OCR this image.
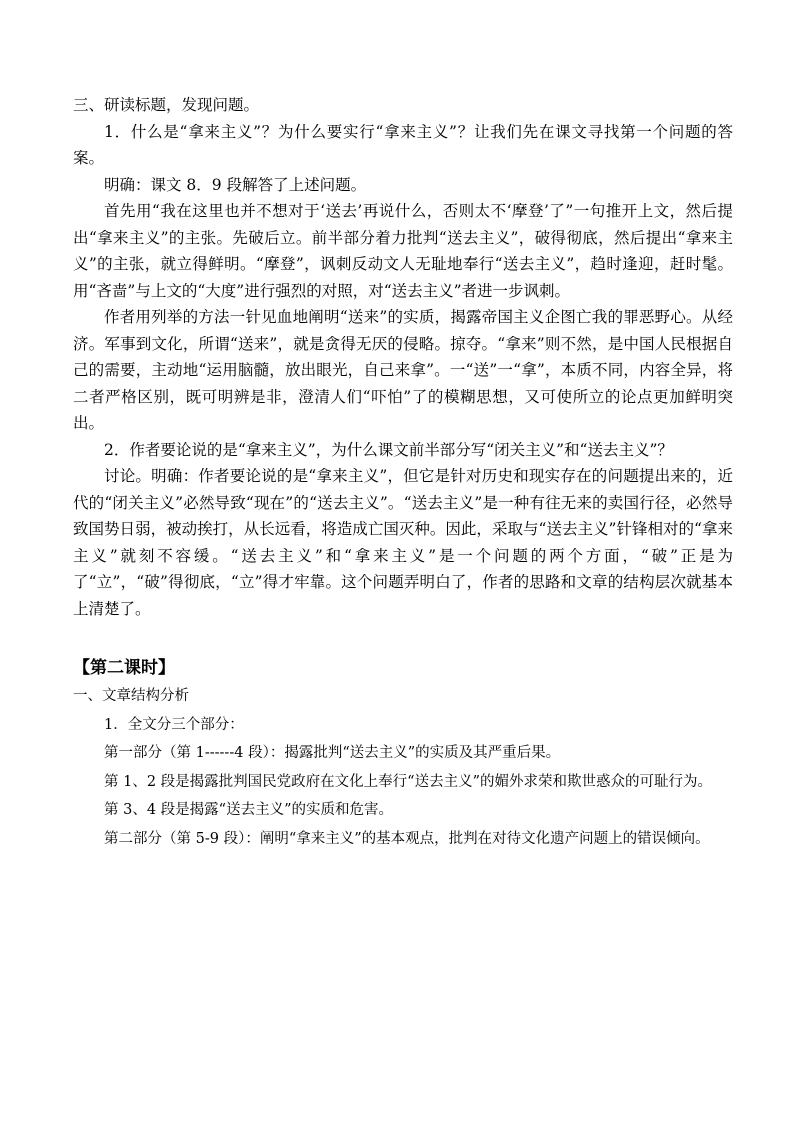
三、研读标题，发现问题。

1．什么是“拿来主义”？为什么要实行“拿来主义”？让我们先在课文寻找第一个问题的答案。

明确：课文 8．9 段解答了上述问题。

首先用“我在这里也并不想对于‘送去’再说什么，否则太不‘摩登’了”一句推开上文，然后提出“拿来主义”的主张。先破后立。前半部分着力批判“送去主义”，破得彻底，然后提出“拿来主义”的主张，就立得鲜明。“摩登”，讽刺反动文人无耻地奉行“送去主义”，趋时逢迎，赶时髦。用“吝啬”与上文的“大度”进行强烈的对照，对“送去主义”者进一步讽刺。

作者用列举的方法一针见血地阐明“送来”的实质，揭露帝国主义企图亡我的罪恶野心。从经济。军事到文化，所谓“送来”，就是贪得无厌的侵略。掠夺。“拿来”则不然，是中国人民根据自己的需要，主动地“运用脑髓，放出眼光，自己来拿”。一“送”一“拿”，本质不同，内容全异，将二者严格区别，既可明辨是非，澄清人们“吓怕”了的模糊思想，又可使所立的论点更加鲜明突出。

2．作者要论说的是“拿来主义”，为什么课文前半部分写“闭关主义”和“送去主义”？

讨论。明确：作者要论说的是“拿来主义”，但它是针对历史和现实存在的问题提出来的，近代的“闭关主义”必然导致“现在”的“送去主义”。“送去主义”是一种有往无来的卖国行径，必然导致国势日弱，被动挨打，从长远看，将造成亡国灭种。因此，采取与“送去主义”针锋相对的“拿来主义”就刻不容缓。“送去主义”和“拿来主义”是一个问题的两个方面，“破”正是为了“立”，“破”得彻底，“立”得才牢靠。这个问题弄明白了，作者的思路和文章的结构层次就基本上清楚了。

【第二课时】

一、文章结构分析

1．全文分三个部分：

第一部分（第 1------4 段）：揭露批判“送去主义”的实质及其严重后果。

第 1、2 段是揭露批判国民党政府在文化上奉行“送去主义”的媚外求荣和欺世惑众的可耻行为。

第 3、4 段是揭露“送去主义”的实质和危害。

第二部分（第 5-9 段）：阐明“拿来主义”的基本观点，批判在对待文化遗产问题上的错误倾向。
